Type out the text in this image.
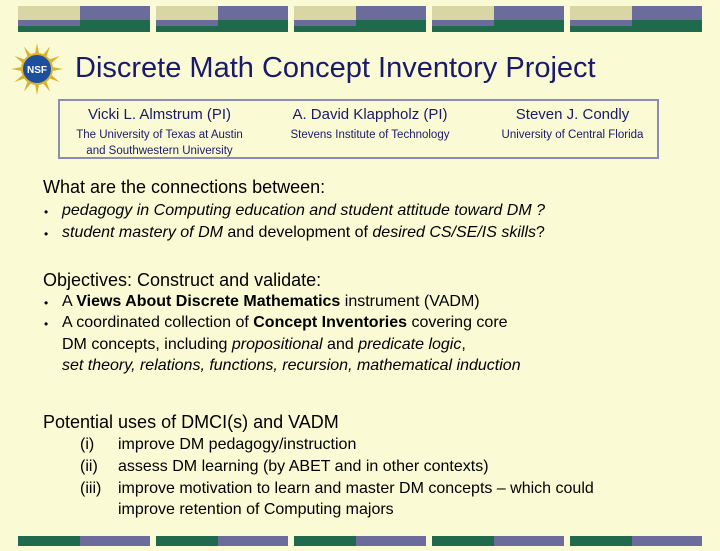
NSF Discrete Math Concept Inventory Project
Vicki L. Almstrum (PI)
The University of Texas at Austin
and Southwestern University
A. David Klappholz (PI)
Stevens Institute of Technology
Steven J. Condly
University of Central Florida
What are the connections between:
• pedagogy in Computing education and student attitude toward DM ?
• student mastery of DM and development of desired CS/SE/IS skills?
Objectives: Construct and validate:
• A Views About Discrete Mathematics instrument (VADM)
• A coordinated collection of Concept Inventories covering core
DM concepts, including propositional and predicate logic,
set theory, relations, functions, recursion, mathematical induction
Potential uses of DMCI(s) and VADM
(i) improve DM pedagogy/instruction
(ii) assess DM learning (by ABET and in other contexts)
(iii) improve motivation to learn and master DM concepts – which could
improve retention of Computing majors
